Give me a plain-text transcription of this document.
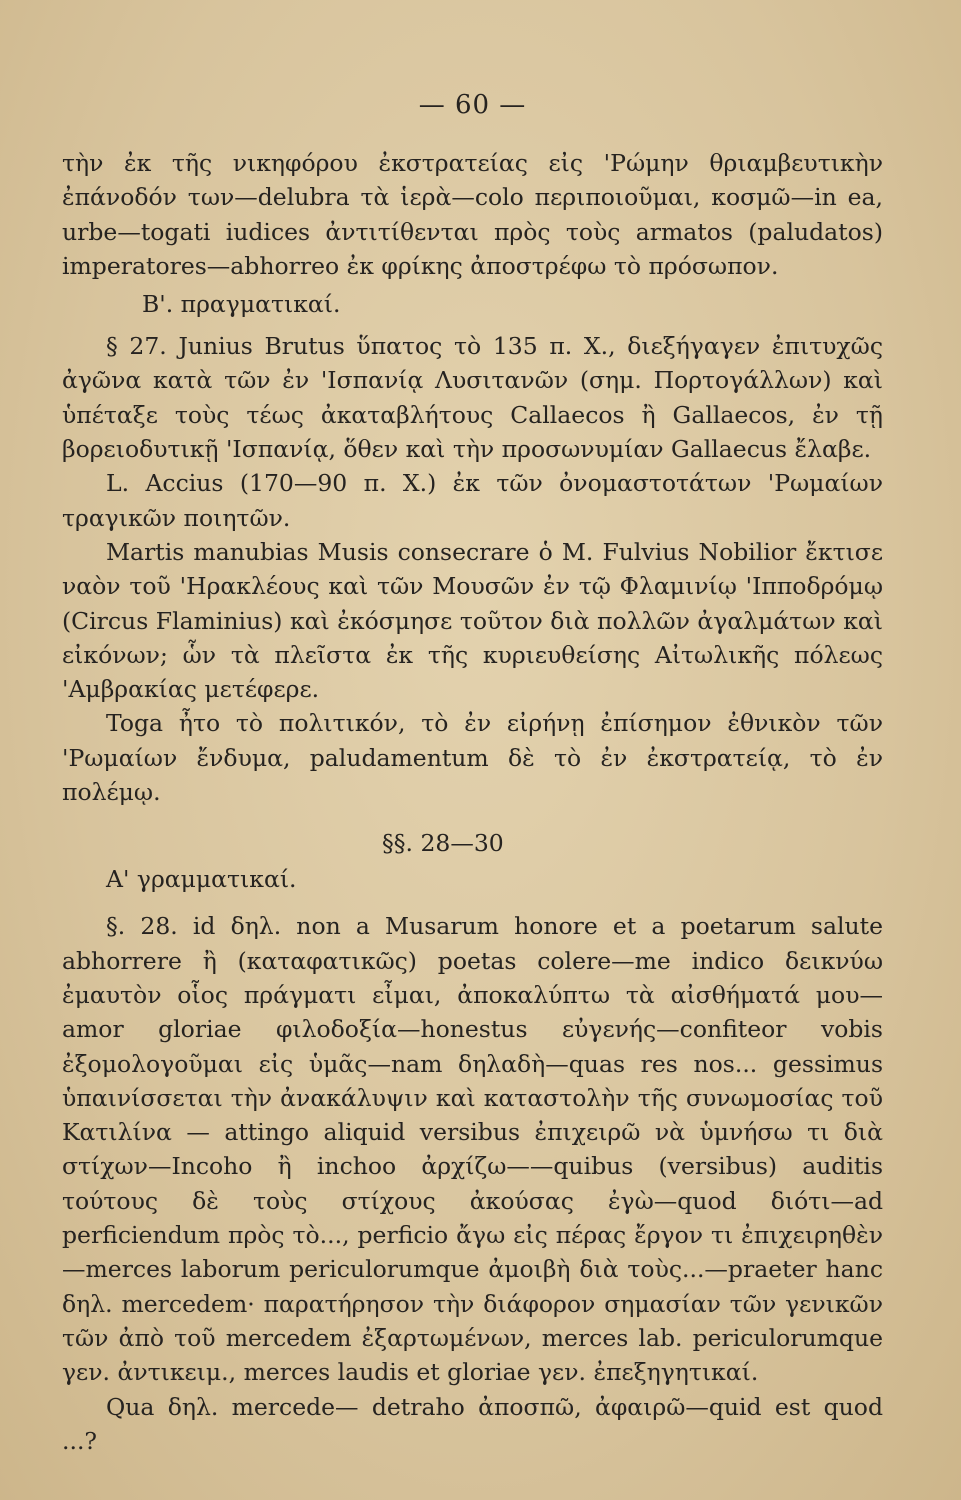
— 60 —

τὴν ἐκ τῆς νικηφόρου ἐκστρατείας εἰς 'Ρώμην θριαμβευτικὴν ἐπάνοδόν των—delubra τὰ ἱερὰ—colo περιποιοῦμαι, κοσμῶ—in ea, urbe—togati iudices ἀντιτίθενται πρὸς τοὺς armatos (paludatos) imperatores—abhorreo ἐκ φρίκης ἀποστρέφω τὸ πρόσωπον.

Β'. πραγματικαί.

§ 27. Junius Brutus ὕπατος τὸ 135 π. Χ., διεξήγαγεν ἐπιτυχῶς ἀγῶνα κατὰ τῶν ἐν 'Ισπανίᾳ Λυσιτανῶν (σημ. Πορτογάλλων) καὶ ὑπέταξε τοὺς τέως ἀκαταβλήτους Callaecos ἢ Gallaecos, ἐν τῇ βορειοδυτικῇ 'Ισπανίᾳ, ὅθεν καὶ τὴν προσωνυμίαν Gallaecus ἔλαβε.

L. Accius (170—90 π. Χ.) ἐκ τῶν ὀνομαστοτάτων 'Ρωμαίων τραγικῶν ποιητῶν.

Martis manubias Musis consecrare ὁ M. Fulvius Nobilior ἔκτισε ναὸν τοῦ 'Ηρακλέους καὶ τῶν Μουσῶν ἐν τῷ Φλαμινίῳ 'Ιπποδρόμῳ (Circus Flaminius) καὶ ἐκόσμησε τοῦτον διὰ πολλῶν ἀγαλμάτων καὶ εἰκόνων; ὧν τὰ πλεῖστα ἐκ τῆς κυριευθείσης Αἰτωλικῆς πόλεως 'Αμβρακίας μετέφερε.

Toga ἦτο τὸ πολιτικόν, τὸ ἐν εἰρήνῃ ἐπίσημον ἐθνικὸν τῶν 'Ρωμαίων ἔνδυμα, paludamentum δὲ τὸ ἐν ἐκστρατείᾳ, τὸ ἐν πολέμῳ.

§§. 28—30
Α' γραμματικαί.

§. 28. id δηλ. non a Musarum honore et a poetarum salute abhorrere ἢ (καταφατικῶς) poetas colere—me indico δεικνύω ἐμαυτὸν οἷος πράγματι εἶμαι, ἀποκαλύπτω τὰ αἰσθήματά μου—amor gloriae φιλοδοξία—honestus εὐγενής—confiteor vobis ἐξομολογοῦμαι εἰς ὑμᾶς—nam δηλαδὴ—quas res nos... gessimus ὑπαινίσσεται τὴν ἀνακάλυψιν καὶ καταστολὴν τῆς συνωμοσίας τοῦ Κατιλίνα — attingo aliquid versibus ἐπιχειρῶ νὰ ὑμνήσω τι διὰ στίχων—Incoho ἢ inchoo ἀρχίζω——quibus (versibus) auditis τούτους δὲ τοὺς στίχους ἀκούσας ἐγὼ—quod διότι—ad perficiendum πρὸς τὸ..., perficio ἄγω εἰς πέρας ἔργον τι ἐπιχειρηθὲν—merces laborum periculorumque ἀμοιβὴ διὰ τοὺς...—praeter hanc δηλ. mercedem· παρατήρησον τὴν διάφορον σημασίαν τῶν γενικῶν τῶν ἀπὸ τοῦ mercedem ἐξαρτωμένων, merces lab. periculorumque γεν. ἀντικειμ., merces laudis et gloriae γεν. ἐπεξηγητικαί.

Qua δηλ. mercede— detraho ἀποσπῶ, ἀφαιρῶ—quid est quod ...?
